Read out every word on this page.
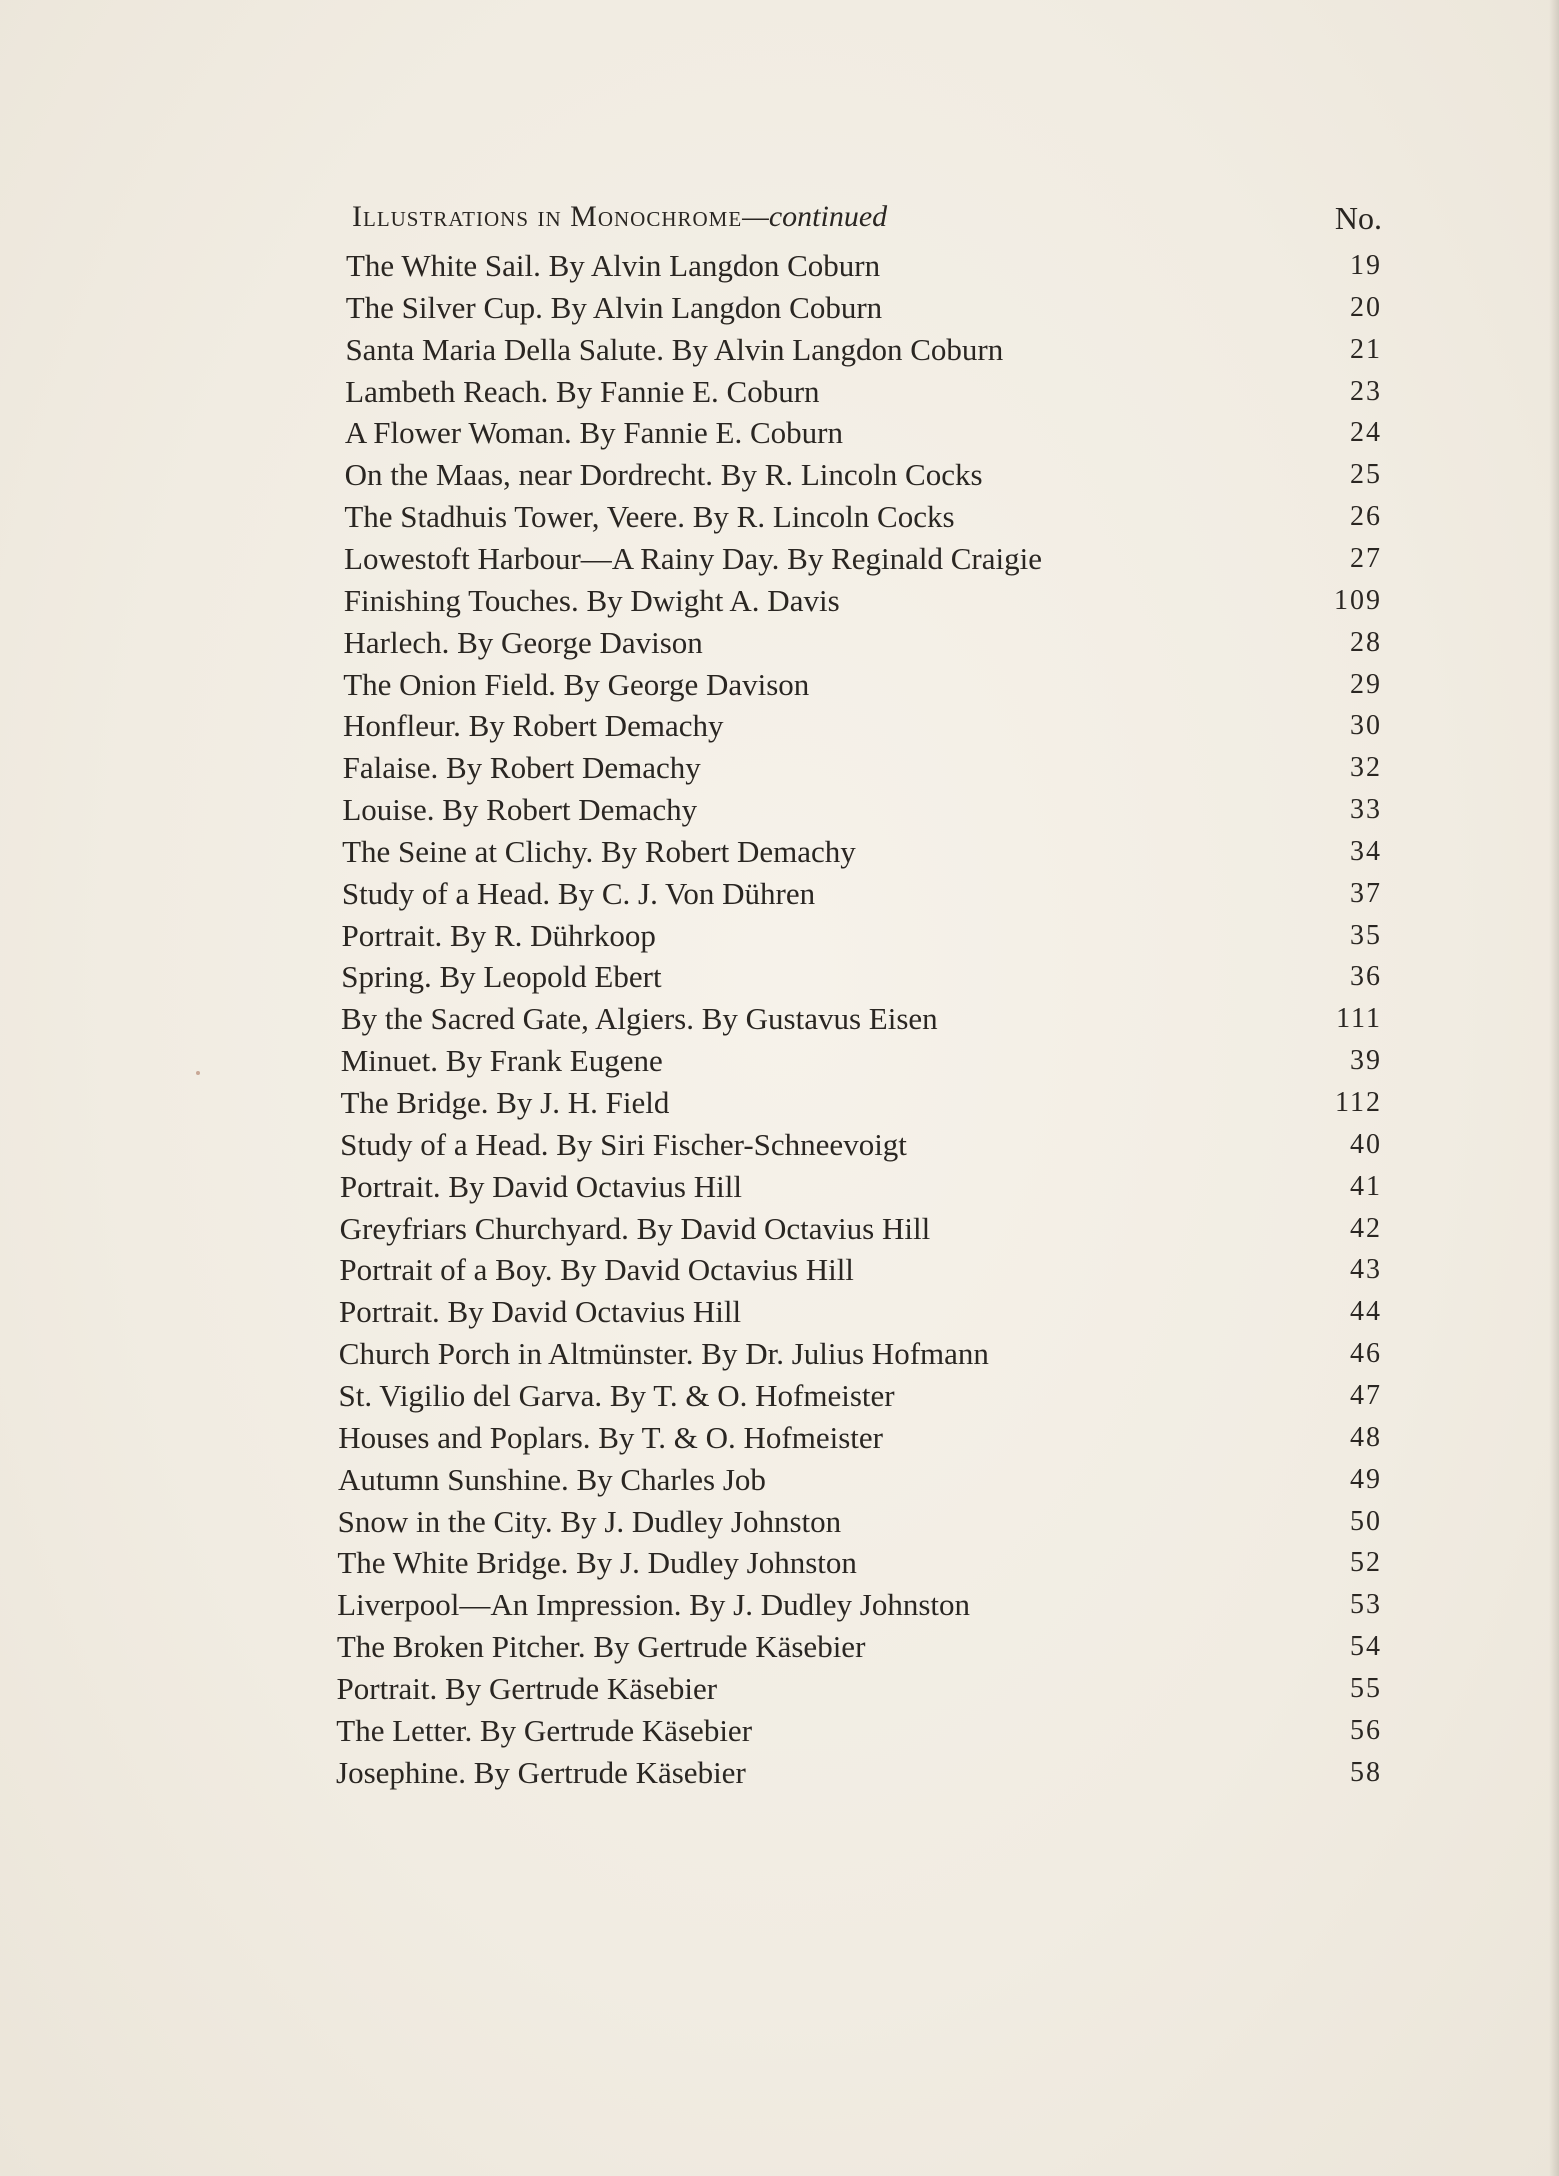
Illustrations in Monochrome—continued	No.
The White Sail. By Alvin Langdon Coburn	19
The Silver Cup. By Alvin Langdon Coburn	20
Santa Maria Della Salute. By Alvin Langdon Coburn	21
Lambeth Reach. By Fannie E. Coburn	23
A Flower Woman. By Fannie E. Coburn	24
On the Maas, near Dordrecht. By R. Lincoln Cocks	25
The Stadhuis Tower, Veere. By R. Lincoln Cocks	26
Lowestoft Harbour—A Rainy Day. By Reginald Craigie	27
Finishing Touches. By Dwight A. Davis	109
Harlech. By George Davison	28
The Onion Field. By George Davison	29
Honfleur. By Robert Demachy	30
Falaise. By Robert Demachy	32
Louise. By Robert Demachy	33
The Seine at Clichy. By Robert Demachy	34
Study of a Head. By C. J. Von Dühren	37
Portrait. By R. Dührkoop	35
Spring. By Leopold Ebert	36
By the Sacred Gate, Algiers. By Gustavus Eisen	111
Minuet. By Frank Eugene	39
The Bridge. By J. H. Field	112
Study of a Head. By Siri Fischer-Schneevoigt	40
Portrait. By David Octavius Hill	41
Greyfriars Churchyard. By David Octavius Hill	42
Portrait of a Boy. By David Octavius Hill	43
Portrait. By David Octavius Hill	44
Church Porch in Altmünster. By Dr. Julius Hofmann	46
St. Vigilio del Garva. By T. & O. Hofmeister	47
Houses and Poplars. By T. & O. Hofmeister	48
Autumn Sunshine. By Charles Job	49
Snow in the City. By J. Dudley Johnston	50
The White Bridge. By J. Dudley Johnston	52
Liverpool—An Impression. By J. Dudley Johnston	53
The Broken Pitcher. By Gertrude Käsebier	54
Portrait. By Gertrude Käsebier	55
The Letter. By Gertrude Käsebier	56
Josephine. By Gertrude Käsebier	58
